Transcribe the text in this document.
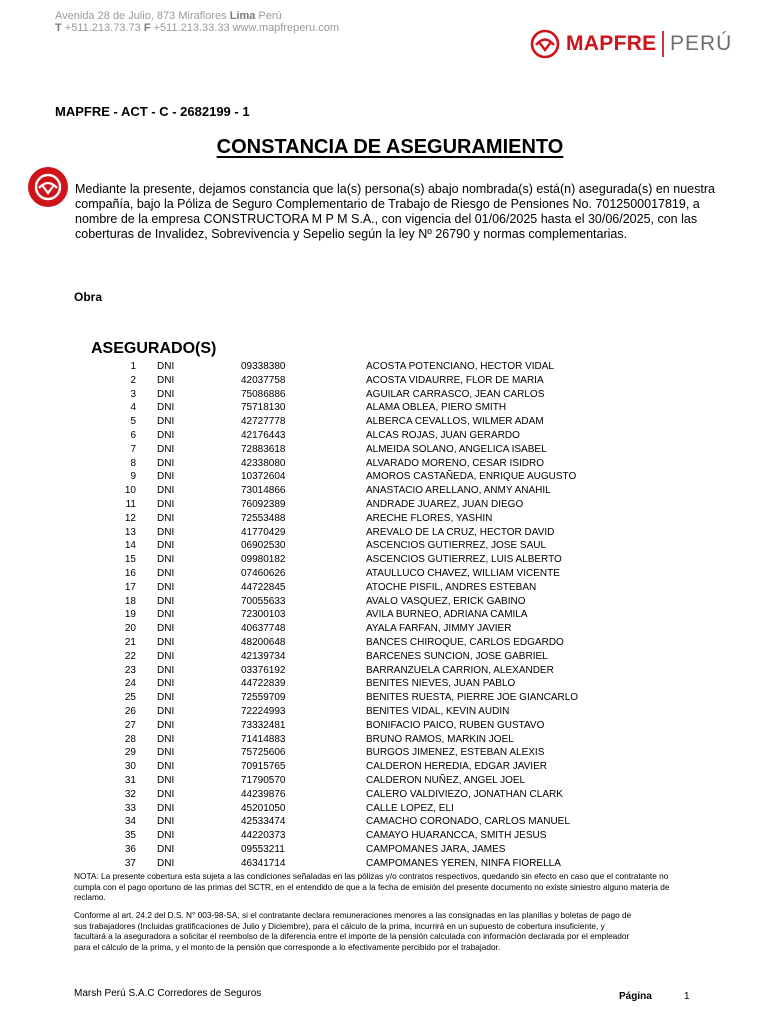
Avenida 28 de Julio, 873 Miraflores Lima Perú
T +511.213.73.73 F +511.213.33.33 www.mapfreperu.com
MAPFRE PERÚ
MAPFRE - ACT - C - 2682199 - 1
CONSTANCIA DE ASEGURAMIENTO
Mediante la presente, dejamos constancia que la(s) persona(s) abajo nombrada(s) está(n) asegurada(s) en nuestra compañía, bajo la Póliza de Seguro Complementario de Trabajo de Riesgo de Pensiones No. 7012500017819, a nombre de la empresa CONSTRUCTORA M P M S.A., con vigencia del 01/06/2025 hasta el 30/06/2025, con las coberturas de Invalidez, Sobrevivencia y Sepelio según la ley Nº 26790 y normas complementarias.
Obra
ASEGURADO(S)
1 DNI	09338380	ACOSTA POTENCIANO, HECTOR VIDAL
2 DNI	42037758	ACOSTA VIDAURRE, FLOR DE MARIA
3 DNI	75086886	AGUILAR CARRASCO, JEAN CARLOS
4 DNI	75718130	ALAMA OBLEA, PIERO SMITH
5 DNI	42727778	ALBERCA CEVALLOS, WILMER ADAM
6 DNI	42176443	ALCAS ROJAS, JUAN GERARDO
7 DNI	72883618	ALMEIDA SOLANO, ANGELICA ISABEL
8 DNI	42338080	ALVARADO MORENO, CESAR ISIDRO
9 DNI	10372604	AMOROS CASTAÑEDA, ENRIQUE AUGUSTO
10 DNI	73014866	ANASTACIO ARELLANO, ANMY ANAHIL
11 DNI	76092389	ANDRADE JUAREZ, JUAN DIEGO
12 DNI	72553488	ARECHE FLORES, YASHIN
13 DNI	41770429	AREVALO DE LA CRUZ, HECTOR DAVID
14 DNI	06902530	ASCENCIOS GUTIERREZ, JOSE SAUL
15 DNI	09980182	ASCENCIOS GUTIERREZ, LUIS ALBERTO
16 DNI	07460626	ATAULLUCO CHAVEZ, WILLIAM VICENTE
17 DNI	44722845	ATOCHE PISFIL, ANDRES ESTEBAN
18 DNI	70055633	AVALO VASQUEZ, ERICK GABINO
19 DNI	72300103	AVILA BURNEO, ADRIANA CAMILA
20 DNI	40637748	AYALA FARFAN, JIMMY JAVIER
21 DNI	48200648	BANCES CHIROQUE, CARLOS EDGARDO
22 DNI	42139734	BARCENES SUNCION, JOSE GABRIEL
23 DNI	03376192	BARRANZUELA CARRION, ALEXANDER
24 DNI	44722839	BENITES NIEVES, JUAN PABLO
25 DNI	72559709	BENITES RUESTA, PIERRE JOE GIANCARLO
26 DNI	72224993	BENITES VIDAL, KEVIN AUDIN
27 DNI	73332481	BONIFACIO PAICO, RUBEN GUSTAVO
28 DNI	71414883	BRUNO RAMOS, MARKIN JOEL
29 DNI	75725606	BURGOS JIMENEZ, ESTEBAN ALEXIS
30 DNI	70915765	CALDERON HEREDIA, EDGAR JAVIER
31 DNI	71790570	CALDERON NUÑEZ, ANGEL JOEL
32 DNI	44239876	CALERO VALDIVIEZO, JONATHAN CLARK
33 DNI	45201050	CALLE LOPEZ, ELI
34 DNI	42533474	CAMACHO CORONADO, CARLOS MANUEL
35 DNI	44220373	CAMAYO HUARANCCA, SMITH JESUS
36 DNI	09553211	CAMPOMANES JARA, JAMES
37 DNI	46341714	CAMPOMANES YEREN, NINFA FIORELLA
NOTA: La presente cobertura esta sujeta a las condiciones señaladas en las pólizas y/o contratos respectivos, quedando sin efecto en caso que el contratante no cumpla con el pago oportuno de las primas del SCTR, en el entendido de que a la fecha de emisión del presente documento no existe siniestro alguno materia de reclamo.
Conforme al art. 24.2 del D.S. N° 003-98-SA, si el contratante declara remuneraciones menores a las consignadas en las planillas y boletas de pago de sus trabajadores (Incluidas gratificaciones de Julio y Diciembre), para el cálculo de la prima, incurrirá en un supuesto de cobertura insuficiente, y facultará a la aseguradora a solicitar el reembolso de la diferencia entre el importe de la pensión calculada con información declarada por el empleador para el cálculo de la prima, y el monto de la pensión que corresponde a lo efectivamente percibido por el trabajador.
Marsh Perú S.A.C Corredores de Seguros	Página	1
